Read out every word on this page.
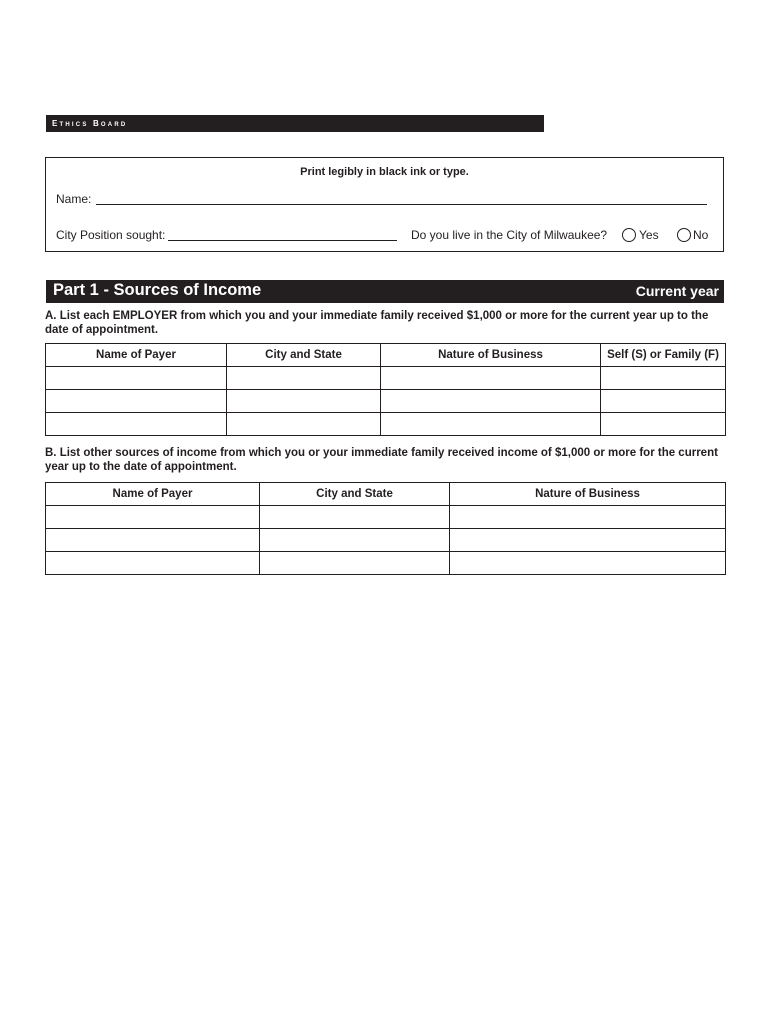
Ethics Board
Print legibly in black ink or type.
Name:
City Position sought:	Do you live in the City of Milwaukee?	Yes	No
Part 1 - Sources of Income	Current year
A. List each EMPLOYER from which you and your immediate family received $1,000 or more for the current year up to the date of appointment.
Name of Payer	City and State	Nature of Business	Self (S) or Family (F)

B. List other sources of income from which you or your immediate family received income of $1,000 or more for the current year up to the date of appointment.
Name of Payer	City and State	Nature of Business
